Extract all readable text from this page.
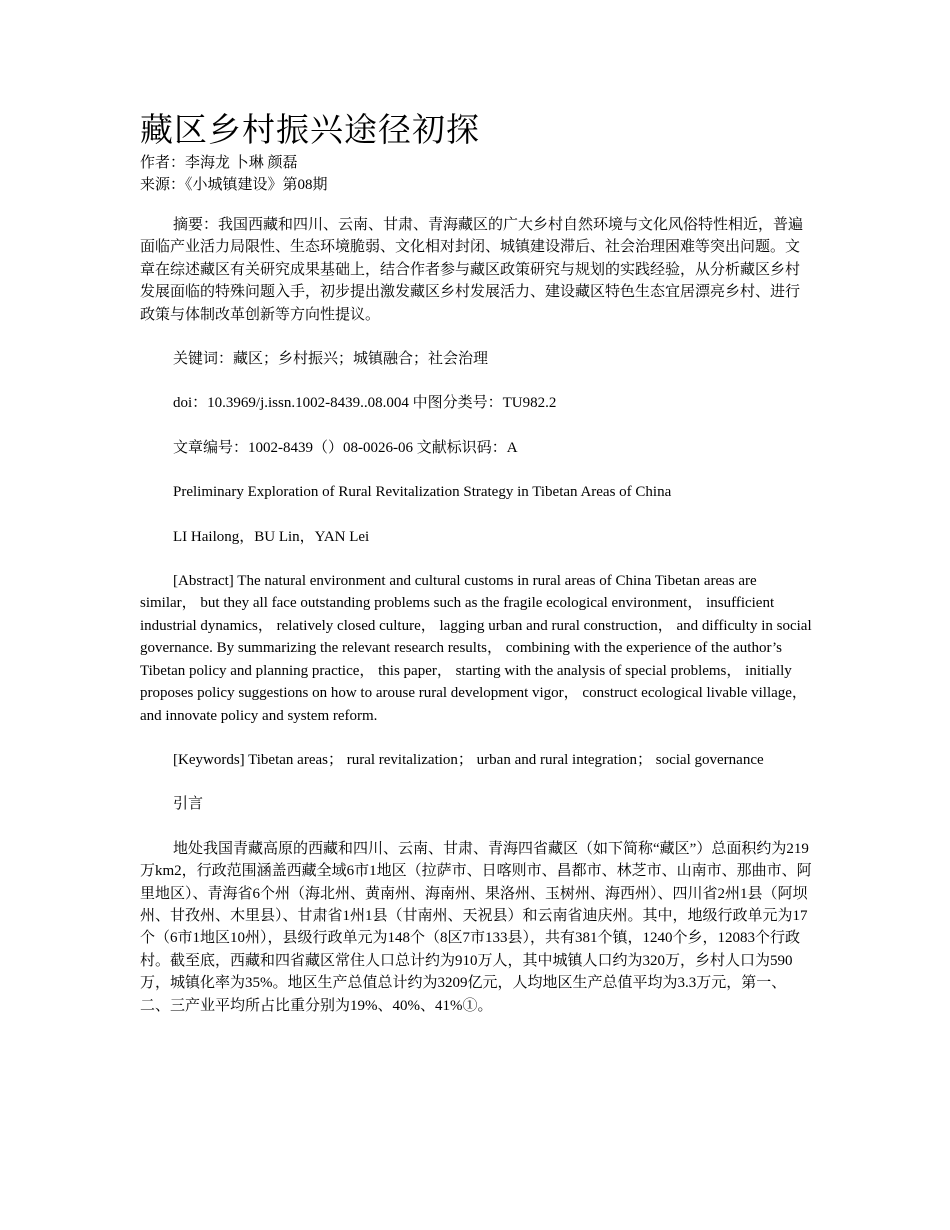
藏区乡村振兴途径初探
作者：李海龙 卜琳 颜磊
来源：《小城镇建设》第08期

摘要：我国西藏和四川、云南、甘肃、青海藏区的广大乡村自然环境与文化风俗特性相近，普遍面临产业活力局限性、生态环境脆弱、文化相对封闭、城镇建设滞后、社会治理困难等突出问题。文章在综述藏区有关研究成果基础上，结合作者参与藏区政策研究与规划的实践经验，从分析藏区乡村发展面临的特殊问题入手，初步提出激发藏区乡村发展活力、建设藏区特色生态宜居漂亮乡村、进行政策与体制改革创新等方向性提议。

关键词：藏区；乡村振兴；城镇融合；社会治理

doi：10.3969/j.issn.1002-8439..08.004 中图分类号：TU982.2

文章编号：1002-8439（）08-0026-06 文献标识码：A

Preliminary Exploration of Rural Revitalization Strategy in Tibetan Areas of China

LI Hailong，BU Lin，YAN Lei

[Abstract] The natural environment and cultural customs in rural areas of China Tibetan areas are similar， but they all face outstanding problems such as the fragile ecological environment， insufficient industrial dynamics， relatively closed culture， lagging urban and rural construction， and difficulty in social governance. By summarizing the relevant research results， combining with the experience of the author’s Tibetan policy and planning practice， this paper， starting with the analysis of special problems， initially proposes policy suggestions on how to arouse rural development vigor， construct ecological livable village， and innovate policy and system reform.

[Keywords] Tibetan areas； rural revitalization； urban and rural integration； social governance

引言

地处我国青藏高原的西藏和四川、云南、甘肃、青海四省藏区（如下简称“藏区”）总面积约为219万km2，行政范围涵盖西藏全域6市1地区（拉萨市、日喀则市、昌都市、林芝市、山南市、那曲市、阿里地区）、青海省6个州（海北州、黄南州、海南州、果洛州、玉树州、海西州）、四川省2州1县（阿坝州、甘孜州、木里县）、甘肃省1州1县（甘南州、天祝县）和云南省迪庆州。其中，地级行政单元为17个（6市1地区10州），县级行政单元为148个（8区7市133县），共有381个镇，1240个乡，12083个行政村。截至底，西藏和四省藏区常住人口总计约为910万人，其中城镇人口约为320万，乡村人口为590万，城镇化率为35%。地区生产总值总计约为3209亿元，人均地区生产总值平均为3.3万元，第一、二、三产业平均所占比重分别为19%、40%、41%①。
